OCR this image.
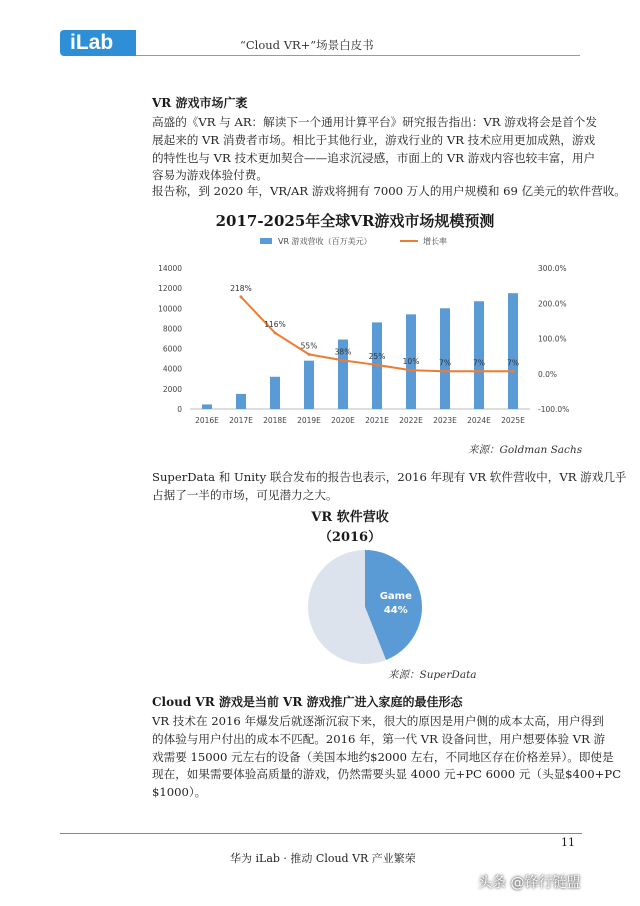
iLab	“Cloud VR+”场景白皮书
VR 游戏市场广袤
高盛的《VR 与 AR：解读下一个通用计算平台》研究报告指出：VR 游戏将会是首个发
展起来的 VR 消费者市场。相比于其他行业，游戏行业的 VR 技术应用更加成熟，游戏
的特性也与 VR 技术更加契合——追求沉浸感，市面上的 VR 游戏内容也较丰富，用户
容易为游戏体验付费。
报告称，到 2020 年，VR/AR 游戏将拥有 7000 万人的用户规模和 69 亿美元的软件营收。
2017-2025年全球VR游戏市场规模预测
VR 游戏营收（百万美元）	增长率
0
2000
4000
6000
8000
10000
12000
14000
-100.0%
0.0%
100.0%
200.0%
300.0%
2016E 2017E 2018E 2019E 2020E 2021E 2022E 2023E 2024E 2025E
218%
116%
55%
38%
25%
10%	7%	7%	7%
来源：Goldman Sachs
SuperData 和 Unity 联合发布的报告也表示，2016 年现有 VR 软件营收中，VR 游戏几乎
占据了一半的市场，可见潜力之大。
VR 软件营收
（2016）
Game
44%
来源：SuperData
Cloud VR 游戏是当前 VR 游戏推广进入家庭的最佳形态
VR 技术在 2016 年爆发后就逐渐沉寂下来，很大的原因是用户侧的成本太高，用户得到
的体验与用户付出的成本不匹配。2016 年，第一代 VR 设备问世，用户想要体验 VR 游
戏需要 15000 元左右的设备（美国本地约$2000 左右，不同地区存在价格差异）。即使是
现在，如果需要体验高质量的游戏，仍然需要头显 4000 元+PC 6000 元（头显$400+PC
$1000）。
11
华为 iLab · 推动 Cloud VR 产业繁荣
头条 @锋行链盟
